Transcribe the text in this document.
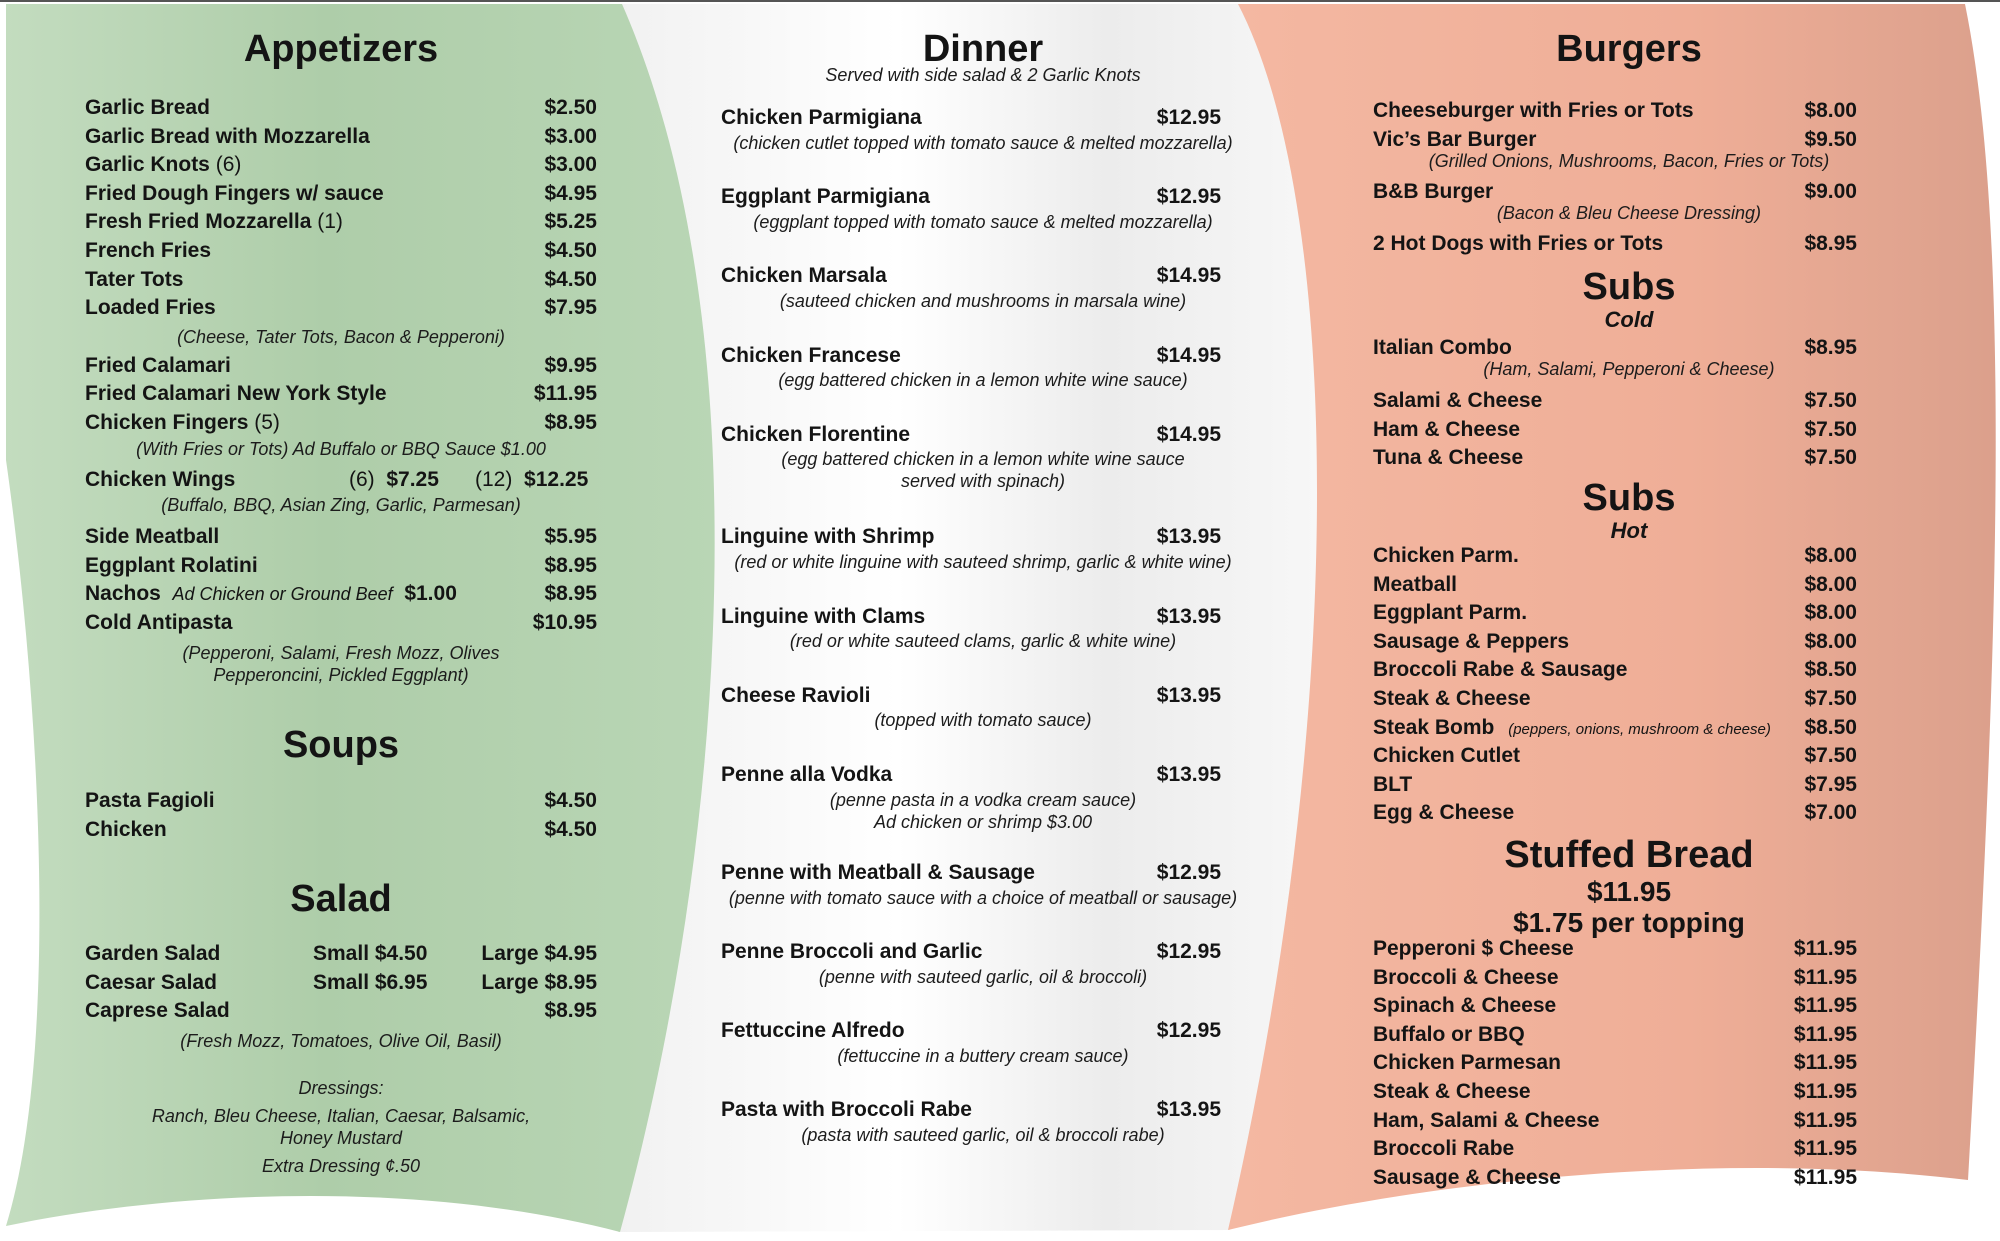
Appetizers
Garlic Bread	$2.50
Garlic Bread with Mozzarella	$3.00
Garlic Knots (6)	$3.00
Fried Dough Fingers w/ sauce	$4.95
Fresh Fried Mozzarella (1)	$5.25
French Fries	$4.50
Tater Tots	$4.50
Loaded Fries	$7.95
(Cheese, Tater Tots, Bacon & Pepperoni)
Fried Calamari	$9.95
Fried Calamari New York Style	$11.95
Chicken Fingers (5)	$8.95
(With Fries or Tots) Ad Buffalo or BBQ Sauce $1.00
Chicken Wings	(6) $7.25 (12) $12.25
(Buffalo, BBQ, Asian Zing, Garlic, Parmesan)
Side Meatball	$5.95
Eggplant Rolatini	$8.95
Nachos Ad Chicken or Ground Beef $1.00	$8.95
Cold Antipasta	$10.95
(Pepperoni, Salami, Fresh Mozz, Olives
Pepperoncini, Pickled Eggplant)
Soups
Pasta Fagioli	$4.50
Chicken	$4.50
Salad
Garden Salad	Small $4.50	Large $4.95
Caesar Salad	Small $6.95	Large $8.95
Caprese Salad	$8.95
(Fresh Mozz, Tomatoes, Olive Oil, Basil)
Dressings:
Ranch, Bleu Cheese, Italian, Caesar, Balsamic,
Honey Mustard
Extra Dressing ¢.50
Dinner
Served with side salad & 2 Garlic Knots
Chicken Parmigiana	$12.95
(chicken cutlet topped with tomato sauce & melted mozzarella)
Eggplant Parmigiana	$12.95
(eggplant topped with tomato sauce & melted mozzarella)
Chicken Marsala	$14.95
(sauteed chicken and mushrooms in marsala wine)
Chicken Francese	$14.95
(egg battered chicken in a lemon white wine sauce)
Chicken Florentine	$14.95
(egg battered chicken in a lemon white wine sauce
served with spinach)
Linguine with Shrimp	$13.95
(red or white linguine with sauteed shrimp, garlic & white wine)
Linguine with Clams	$13.95
(red or white sauteed clams, garlic & white wine)
Cheese Ravioli	$13.95
(topped with tomato sauce)
Penne alla Vodka	$13.95
(penne pasta in a vodka cream sauce)
Ad chicken or shrimp $3.00
Penne with Meatball & Sausage	$12.95
(penne with tomato sauce with a choice of meatball or sausage)
Penne Broccoli and Garlic	$12.95
(penne with sauteed garlic, oil & broccoli)
Fettuccine Alfredo	$12.95
(fettuccine in a buttery cream sauce)
Pasta with Broccoli Rabe	$13.95
(pasta with sauteed garlic, oil & broccoli rabe)
Burgers
Cheeseburger with Fries or Tots	$8.00
Vic’s Bar Burger	$9.50
(Grilled Onions, Mushrooms, Bacon, Fries or Tots)
B&B Burger	$9.00
(Bacon & Bleu Cheese Dressing)
2 Hot Dogs with Fries or Tots	$8.95
Subs
Cold
Italian Combo	$8.95
(Ham, Salami, Pepperoni & Cheese)
Salami & Cheese	$7.50
Ham & Cheese	$7.50
Tuna & Cheese	$7.50
Subs
Hot
Chicken Parm.	$8.00
Meatball	$8.00
Eggplant Parm.	$8.00
Sausage & Peppers	$8.00
Broccoli Rabe & Sausage	$8.50
Steak & Cheese	$7.50
Steak Bomb (peppers, onions, mushroom & cheese) $8.50
Chicken Cutlet	$7.50
BLT	$7.95
Egg & Cheese	$7.00
Stuffed Bread
$11.95
$1.75 per topping
Pepperoni $ Cheese	$11.95
Broccoli & Cheese	$11.95
Spinach & Cheese	$11.95
Buffalo or BBQ	$11.95
Chicken Parmesan	$11.95
Steak & Cheese	$11.95
Ham, Salami & Cheese	$11.95
Broccoli Rabe	$11.95
Sausage & Cheese	$11.95
